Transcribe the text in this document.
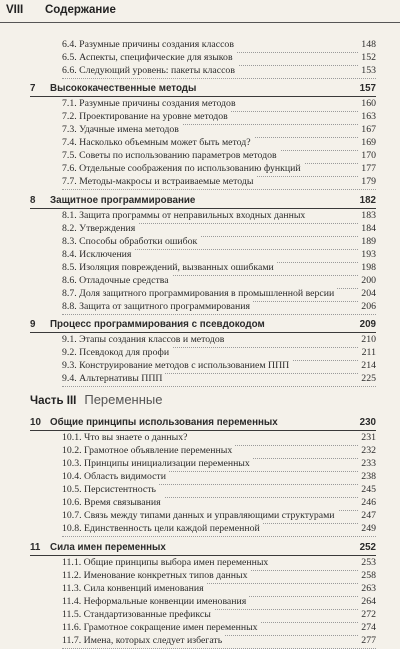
VIII Содержание
6.4. Разумные причины создания классов	148
6.5. Аспекты, специфические для языков	152
6.6. Следующий уровень: пакеты классов	153
7 Высококачественные методы	157
7.1. Разумные причины создания методов	160
7.2. Проектирование на уровне методов	163
7.3. Удачные имена методов	167
7.4. Насколько объемным может быть метод?	169
7.5. Советы по использованию параметров методов	170
7.6. Отдельные соображения по использованию функций	177
7.7. Методы-макросы и встраиваемые методы	179
8 Защитное программирование	182
8.1. Защита программы от неправильных входных данных	183
8.2. Утверждения	184
8.3. Способы обработки ошибок	189
8.4. Исключения	193
8.5. Изоляция повреждений, вызванных ошибками	198
8.6. Отладочные средства	200
8.7. Доля защитного программирования в промышленной версии	204
8.8. Защита от защитного программирования	206
9 Процесс программирования с псевдокодом	209
9.1. Этапы создания классов и методов	210
9.2. Псевдокод для профи	211
9.3. Конструирование методов с использованием ППП	214
9.4. Альтернативы ППП	225
Часть III Переменные
10 Общие принципы использования переменных	230
10.1. Что вы знаете о данных?	231
10.2. Грамотное объявление переменных	232
10.3. Принципы инициализации переменных	233
10.4. Область видимости	238
10.5. Персистентность	245
10.6. Время связывания	246
10.7. Связь между типами данных и управляющими структурами	247
10.8. Единственность цели каждой переменной	249
11 Сила имен переменных	252
11.1. Общие принципы выбора имен переменных	253
11.2. Именование конкретных типов данных	258
11.3. Сила конвенций именования	263
11.4. Неформальные конвенции именования	264
11.5. Стандартизованные префиксы	272
11.6. Грамотное сокращение имен переменных	274
11.7. Имена, которых следует избегать	277
